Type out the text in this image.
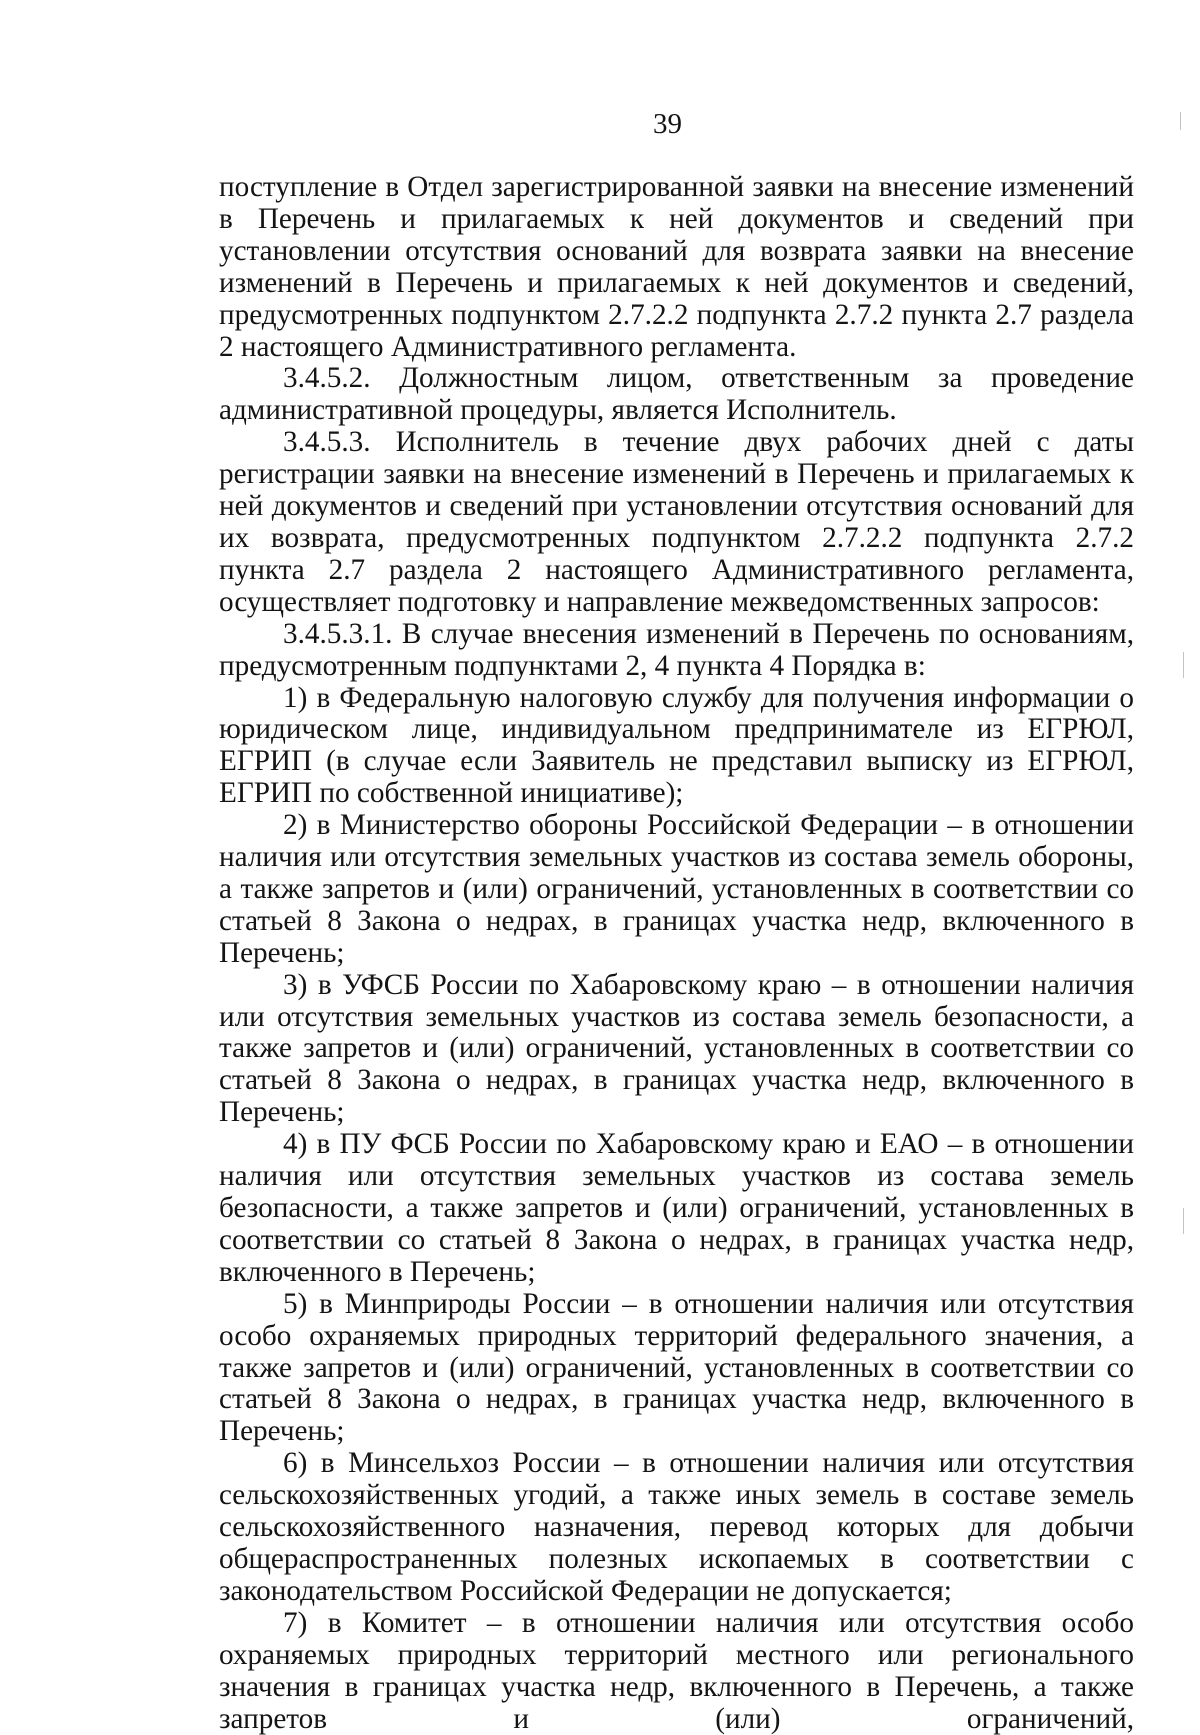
39

поступление в Отдел зарегистрированной заявки на внесение изменений в Перечень и прилагаемых к ней документов и сведений при установлении отсутствия оснований для возврата заявки на внесение изменений в Перечень и прилагаемых к ней документов и сведений, предусмотренных подпунктом 2.7.2.2 подпункта 2.7.2 пункта 2.7 раздела 2 настоящего Административного регламента.

3.4.5.2. Должностным лицом, ответственным за проведение административной процедуры, является Исполнитель.

3.4.5.3. Исполнитель в течение двух рабочих дней с даты регистрации заявки на внесение изменений в Перечень и прилагаемых к ней документов и сведений при установлении отсутствия оснований для их возврата, предусмотренных подпунктом 2.7.2.2 подпункта 2.7.2 пункта 2.7 раздела 2 настоящего Административного регламента, осуществляет подготовку и направление межведомственных запросов:

3.4.5.3.1. В случае внесения изменений в Перечень по основаниям, предусмотренным подпунктами 2, 4 пункта 4 Порядка в:

1) в Федеральную налоговую службу для получения информации о юридическом лице, индивидуальном предпринимателе из ЕГРЮЛ, ЕГРИП (в случае если Заявитель не представил выписку из ЕГРЮЛ, ЕГРИП по собственной инициативе);

2) в Министерство обороны Российской Федерации – в отношении наличия или отсутствия земельных участков из состава земель обороны, а также запретов и (или) ограничений, установленных в соответствии со статьей 8 Закона о недрах, в границах участка недр, включенного в Перечень;

3) в УФСБ России по Хабаровскому краю – в отношении наличия или отсутствия земельных участков из состава земель безопасности, а также запретов и (или) ограничений, установленных в соответствии со статьей 8 Закона о недрах, в границах участка недр, включенного в Перечень;

4) в ПУ ФСБ России по Хабаровскому краю и ЕАО – в отношении наличия или отсутствия земельных участков из состава земель безопасности, а также запретов и (или) ограничений, установленных в соответствии со статьей 8 Закона о недрах, в границах участка недр, включенного в Перечень;

5) в Минприроды России – в отношении наличия или отсутствия особо охраняемых природных территорий федерального значения, а также запретов и (или) ограничений, установленных в соответствии со статьей 8 Закона о недрах, в границах участка недр, включенного в Перечень;

6) в Минсельхоз России – в отношении наличия или отсутствия сельскохозяйственных угодий, а также иных земель в составе земель сельскохозяйственного назначения, перевод которых для добычи общераспространенных полезных ископаемых в соответствии с законодательством Российской Федерации не допускается;

7) в Комитет – в отношении наличия или отсутствия особо охраняемых природных территорий местного или регионального значения в границах участка недр, включенного в Перечень, а также запретов и (или) ограничений,
